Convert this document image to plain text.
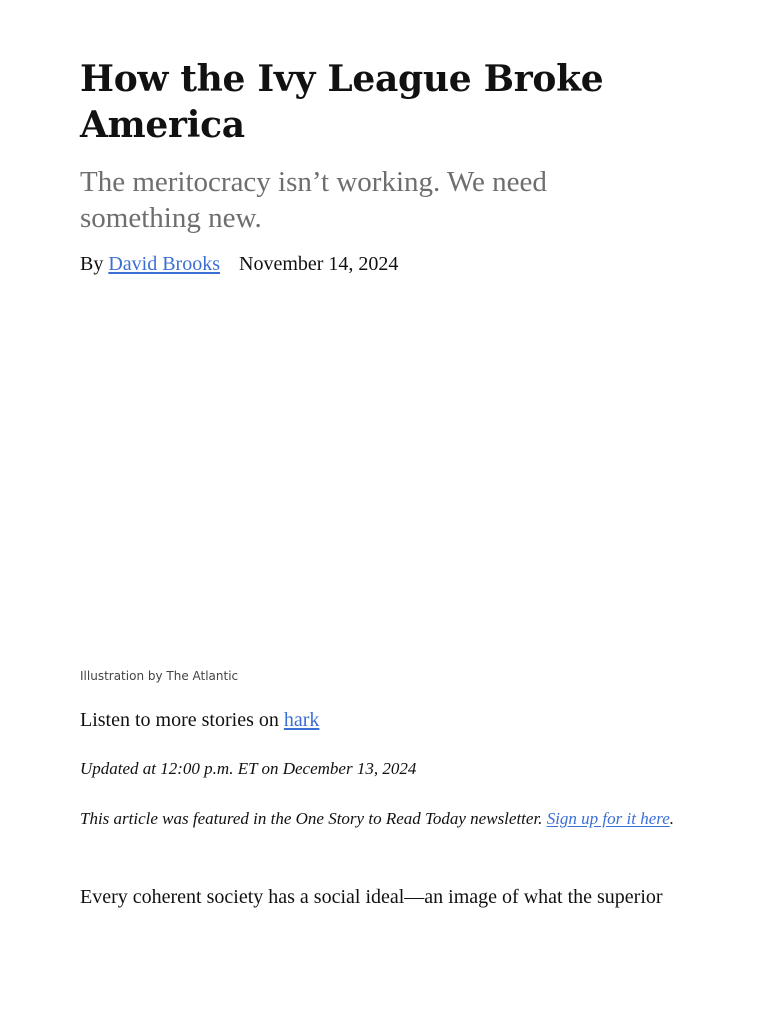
How the Ivy League Broke America

The meritocracy isn’t working. We need something new.

By David Brooks November 14, 2024
Illustration by The Atlantic
Listen to more stories on hark
Updated at 12:00 p.m. ET on December 13, 2024
This article was featured in the One Story to Read Today newsletter. Sign up for it here.

Every coherent society has a social ideal—an image of what the superior
